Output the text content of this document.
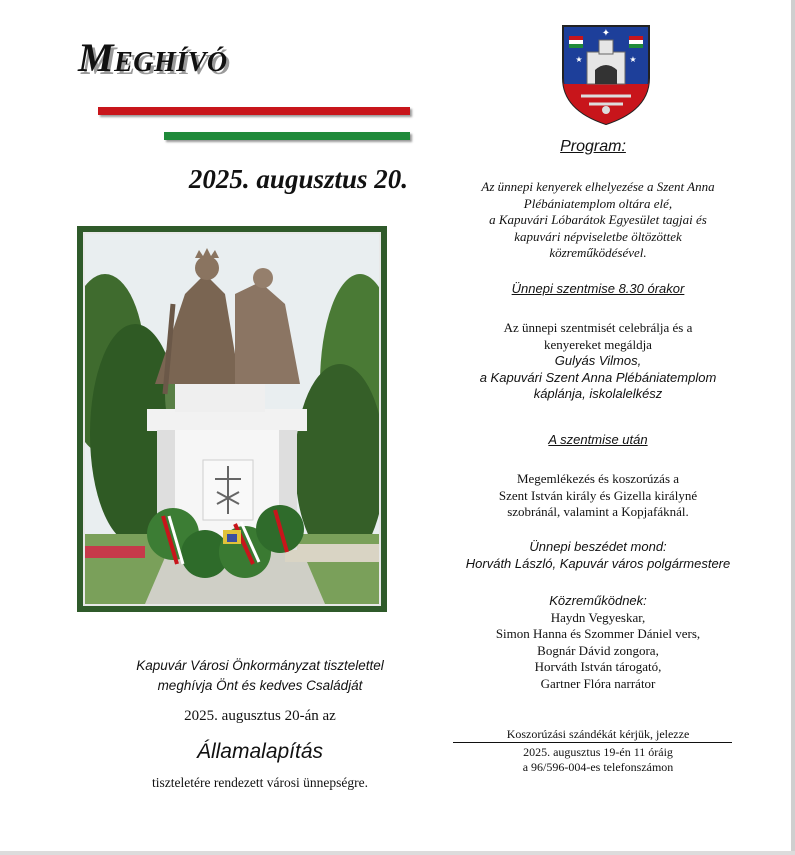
Meghívó
2025. augusztus 20.
Kapuvár Városi Önkormányzat tisztelettel
meghívja Önt és kedves Családját
2025. augusztus 20-án az
Államalapítás
tiszteletére rendezett városi ünnepségre.
✦
★	★
Program:
Az ünnepi kenyerek elhelyezése a Szent Anna
Plébániatemplom oltára elé,
a Kapuvári Lóbarátok Egyesület tagjai és
kapuvári népviseletbe öltözöttek
közreműködésével.
Ünnepi szentmise 8.30 órakor
Az ünnepi szentmisét celebrálja és a
kenyereket megáldja
Gulyás Vilmos,
a Kapuvári Szent Anna Plébániatemplom
káplánja, iskolalelkész
A szentmise után
Megemlékezés és koszorúzás a
Szent István király és Gizella királyné
szobránál, valamint a Kopjafáknál.
Ünnepi beszédet mond:
Horváth László, Kapuvár város polgármestere
Közreműködnek:
Haydn Vegyeskar,
Simon Hanna és Szommer Dániel vers,
Bognár Dávid zongora,
Horváth István tárogató,
Gartner Flóra narrátor
Koszorúzási szándékát kérjük, jelezze
2025. augusztus 19-én 11 óráig
a 96/596-004-es telefonszámon
